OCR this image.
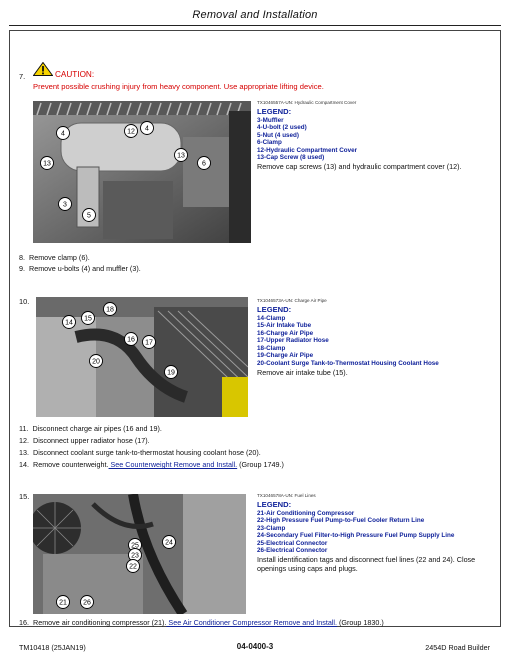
Removal and Installation
7.	CAUTION:
Prevent possible crushing injury from heavy component. Use appropriate lifting device.
12 4
4
13	6
13
3
5
TX1046557A-UN: Hydraulic Compartment Cover
LEGEND:
3-Muffler
4-U-bolt (2 used)
5-Nut (4 used)
6-Clamp
12-Hydraulic Compartment Cover
13-Cap Screw (8 used)
Remove cap screws (13) and hydraulic compartment cover (12).
8. Remove clamp (6).
9. Remove u-bolts (4) and muffler (3).
10.
18
14
15
16 17
20
19
TX1046573A-UN: Charge Air Pipe
LEGEND:
14-Clamp
15-Air Intake Tube
16-Charge Air Pipe
17-Upper Radiator Hose
18-Clamp
19-Charge Air Pipe
20-Coolant Surge Tank-to-Thermostat Housing Coolant Hose
Remove air intake tube (15).
11. Disconnect charge air pipes (16 and 19).
12. Disconnect upper radiator hose (17).
13. Disconnect coolant surge tank-to-thermostat housing coolant hose (20).
14. Remove counterweight. See Counterweight Remove and Install. (Group 1749.)
15.
24
25
23
22
21 26
TX1046578A-UN: Fuel Lines
LEGEND:
21-Air Conditioning Compressor
22-High Pressure Fuel Pump-to-Fuel Cooler Return Line
23-Clamp
24-Secondary Fuel Filter-to-High Pressure Fuel Pump Supply Line
25-Electrical Connector
26-Electrical Connector
Install identification tags and disconnect fuel lines (22 and 24). Close openings using caps and plugs.
16. Remove air conditioning compressor (21). See Air Conditioner Compressor Remove and Install. (Group 1830.)
TM10418 (25JAN19)	04-0400-3	2454D Road Builder
